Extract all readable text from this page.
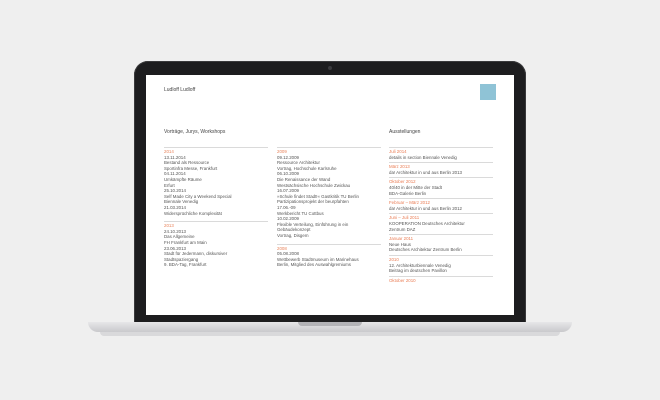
Ludloff Ludloff
Vorträge, Jurys, Workshops	Ausstellungen
2014
13.11.2014
Bestand als Ressource
Sportinfra Messe, Frankfurt
04.11.2014
Umkämpfte Räume
Erfurt
25.10.2014
Self Made City a Weekend Special
Biennale Venedig
21.03.2014
Widersprüchliche Komplexität
2013
24.10.2013
Das Allgemeine
FH Frankfurt am Main
23.06.2013
Stadt für Jedermann, diskursiver
Stadtspaziergang
9. BDA-Tag, Frankfurt
2009
09.12.2009
Ressource Architektur
Vortrag, Hochschule Karlsruhe
06.10.2009
Die Renaissance der Wand
Westsächsische Hochschule Zwickau
16.07.2009
»Schule findet Stadt!« Gastkritik TU Berlin
Partizipationsprojekt der beurpfahten
17.06.-09
Werkbericht TU Cottbus
10.02.2009
Flexible Verteilung, Einführung in ein
Gebäudekonzept
Vortrag, Disgem
2008
05.08.2008
Wettbewerb Stadtmuseum im Marinehaus
Berlin, Mitglied des Auswahlgremiums
Juli 2014
details in section Biennale Venedig
März 2013
da! Architektur in und aus Berlin 2013
Oktober 2012
40/40 in der Mitte der Stadt
BDA-Galerie Berlin
Februar – März 2012
da! Architektur in und aus Berlin 2012
Juni – Juli 2011
KOOPERATION Deutsches Architektur
Zentrum DAZ
Januar 2011
Neue Haus
Deutsches Architektur Zentrum Berlin
2010
12. Architekturbiennale Venedig
Beitrag im deutschen Pavillon
Oktober 2010
